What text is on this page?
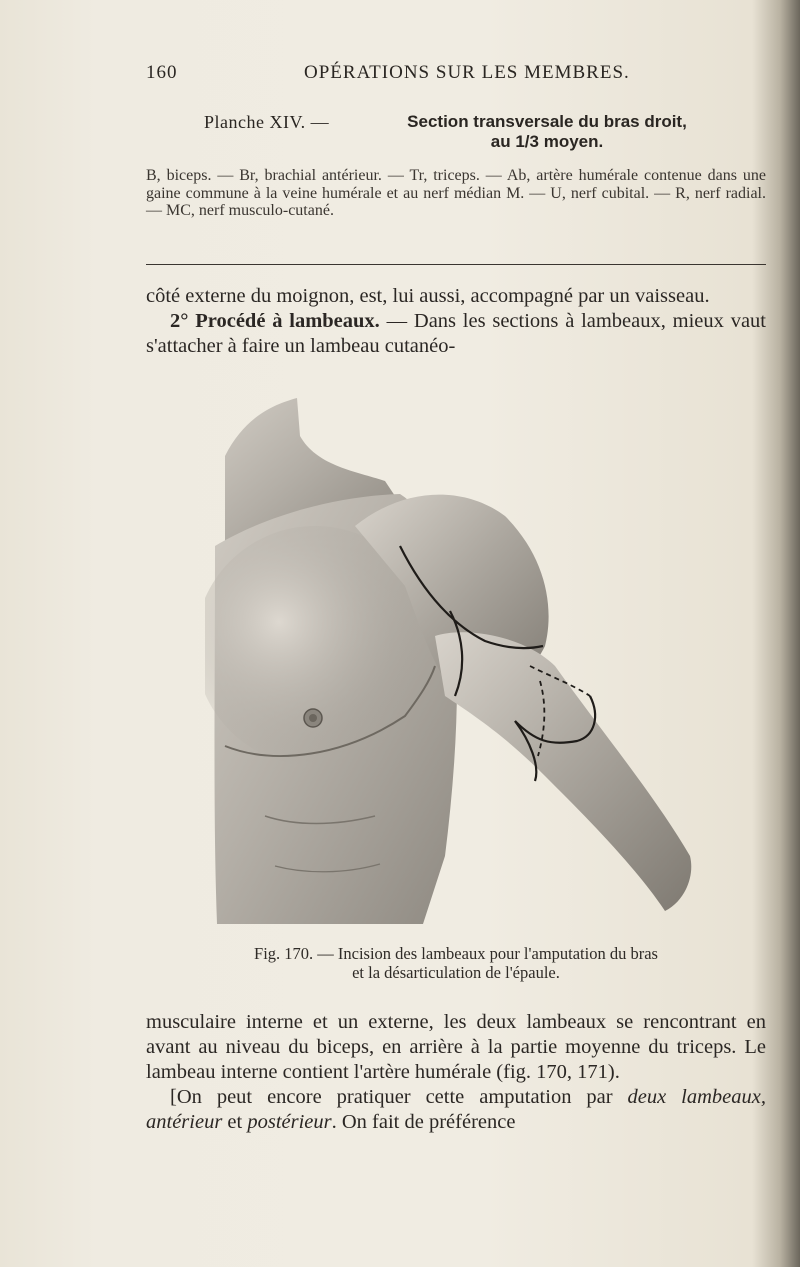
160	OPÉRATIONS SUR LES MEMBRES.
Planche XIV. —	Section transversale du bras droit,
au 1/3 moyen.
B, biceps. — Br, brachial antérieur. — Tr, triceps. — Ab, artère humérale contenue dans une gaine commune à la veine humérale et au nerf médian M. — U, nerf cubital. — R, nerf radial. — MC, nerf musculo-cutané.

côté externe du moignon, est, lui aussi, accompagné par un vaisseau.

2° Procédé à lambeaux. — Dans les sections à lambeaux, mieux vaut s'attacher à faire un lambeau cutanéo-

Fig. 170. — Incision des lambeaux pour l'amputation du bras
et la désarticulation de l'épaule.

musculaire interne et un externe, les deux lambeaux se rencontrant en avant au niveau du biceps, en arrière à la partie moyenne du triceps. Le lambeau interne contient l'artère humérale (fig. 170, 171).

[On peut encore pratiquer cette amputation par deux lambeaux, antérieur et postérieur. On fait de préférence
